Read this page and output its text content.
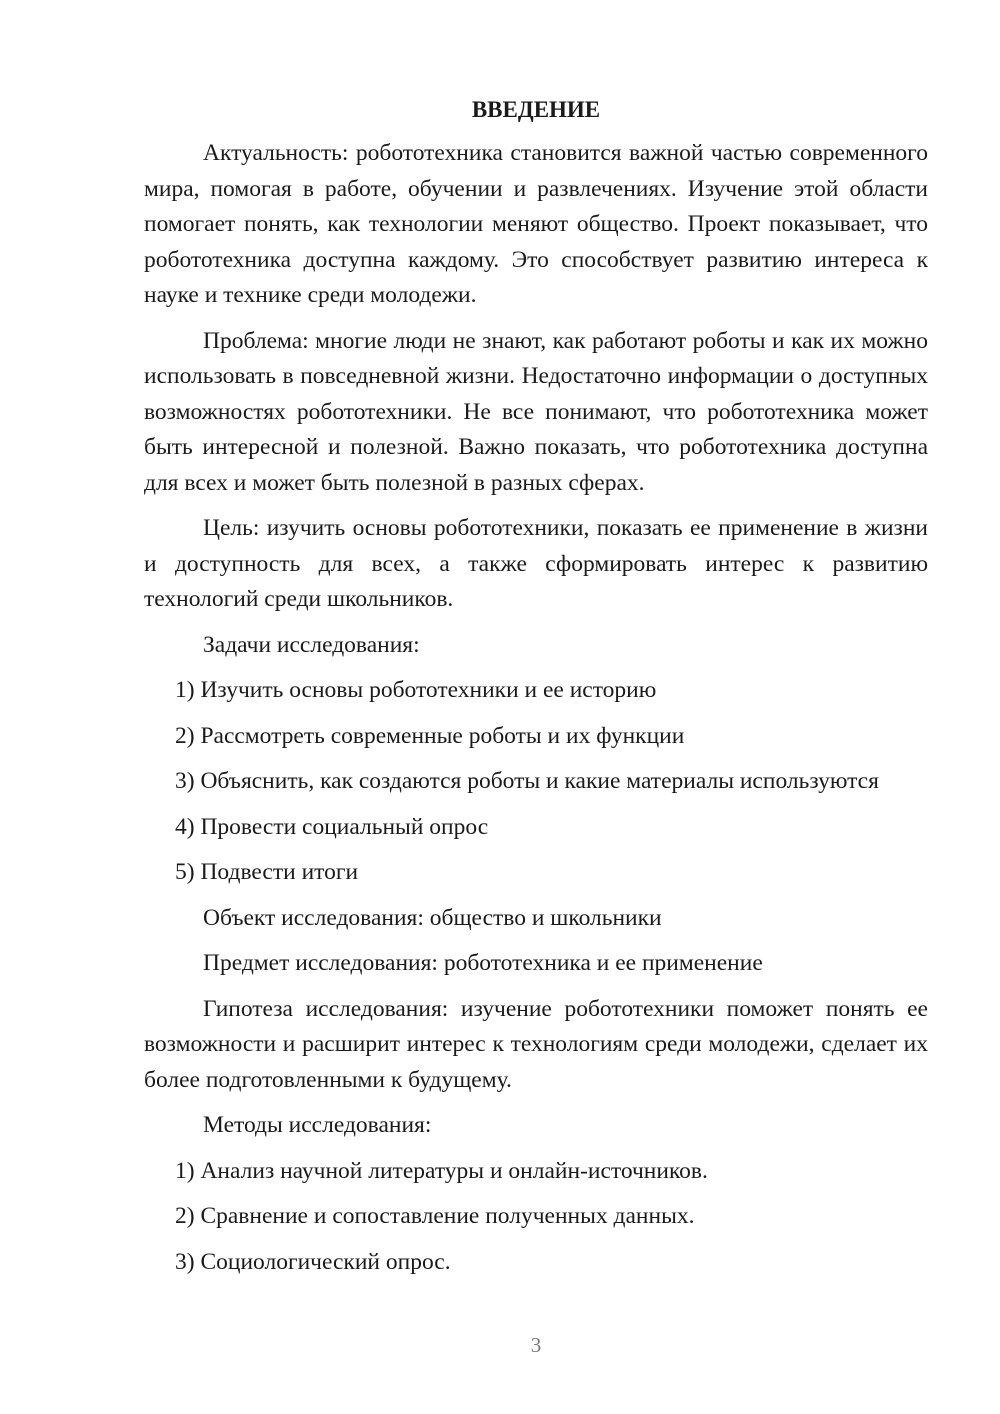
ВВЕДЕНИЕ

Актуальность: робототехника становится важной частью современного мира, помогая в работе, обучении и развлечениях. Изучение этой области помогает понять, как технологии меняют общество. Проект показывает, что робототехника доступна каждому. Это способствует развитию интереса к науке и технике среди молодежи.

Проблема: многие люди не знают, как работают роботы и как их можно использовать в повседневной жизни. Недостаточно информации о доступных возможностях робототехники. Не все понимают, что робототехника может быть интересной и полезной. Важно показать, что робототехника доступна для всех и может быть полезной в разных сферах.

Цель: изучить основы робототехники, показать ее применение в жизни и доступность для всех, а также сформировать интерес к развитию технологий среди школьников.

Задачи исследования:
1) Изучить основы робототехники и ее историю
2) Рассмотреть современные роботы и их функции
3) Объяснить, как создаются роботы и какие материалы используются
4) Провести социальный опрос
5) Подвести итоги
Объект исследования: общество и школьники
Предмет исследования: робототехника и ее применение

Гипотеза исследования: изучение робототехники поможет понять ее возможности и расширит интерес к технологиям среди молодежи, сделает их более подготовленными к будущему.

Методы исследования:
1) Анализ научной литературы и онлайн-источников.
2) Сравнение и сопоставление полученных данных.
3) Социологический опрос.
3
